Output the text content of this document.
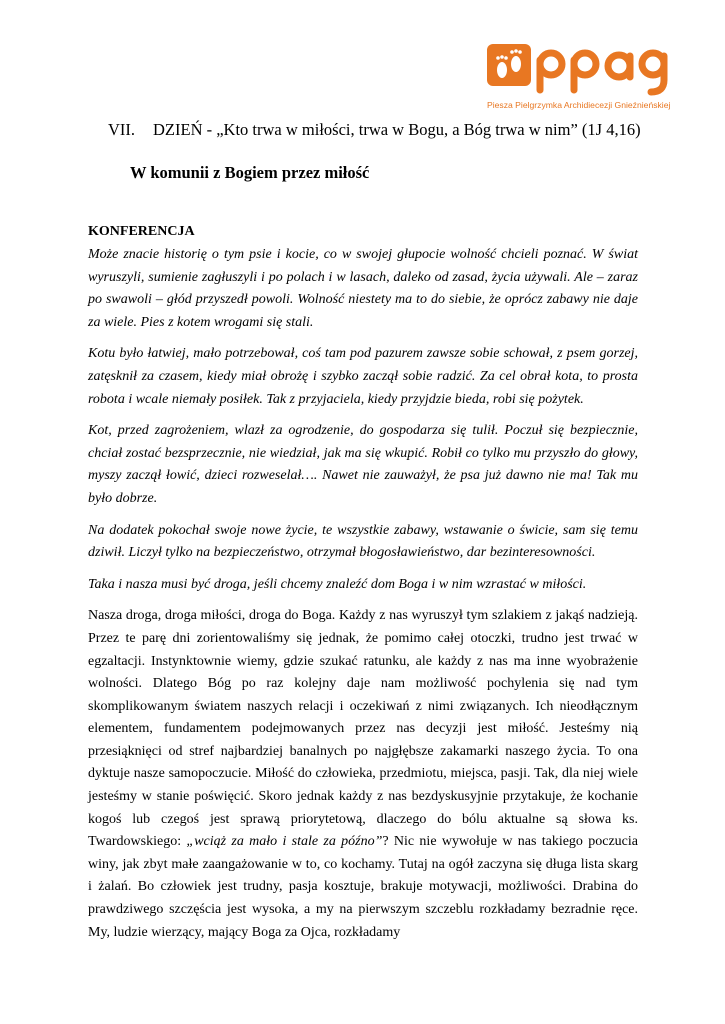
Piesza Pielgrzymka Archidiecezji Gnieźnieńskiej
VII. DZIEŃ - „Kto trwa w miłości, trwa w Bogu, a Bóg trwa w nim” (1J 4,16)
W komunii z Bogiem przez miłość
KONFERENCJA

Może znacie historię o tym psie i kocie, co w swojej głupocie wolność chcieli poznać. W świat wyruszyli, sumienie zagłuszyli i po polach i w lasach, daleko od zasad, życia używali. Ale – zaraz po swawoli – głód przyszedł powoli. Wolność niestety ma to do siebie, że oprócz zabawy nie daje za wiele. Pies z kotem wrogami się stali.

Kotu było łatwiej, mało potrzebował, coś tam pod pazurem zawsze sobie schował, z psem gorzej, zatęsknił za czasem, kiedy miał obrożę i szybko zaczął sobie radzić. Za cel obrał kota, to prosta robota i wcale niemały posiłek. Tak z przyjaciela, kiedy przyjdzie bieda, robi się pożytek.

Kot, przed zagrożeniem, wlazł za ogrodzenie, do gospodarza się tulił. Poczuł się bezpiecznie, chciał zostać bezsprzecznie, nie wiedział, jak ma się wkupić. Robił co tylko mu przyszło do głowy, myszy zaczął łowić, dzieci rozweselał…. Nawet nie zauważył, że psa już dawno nie ma! Tak mu było dobrze.

Na dodatek pokochał swoje nowe życie, te wszystkie zabawy, wstawanie o świcie, sam się temu dziwił. Liczył tylko na bezpieczeństwo, otrzymał błogosławieństwo, dar bezinteresowności.

Taka i nasza musi być droga, jeśli chcemy znaleźć dom Boga i w nim wzrastać w miłości.

Nasza droga, droga miłości, droga do Boga. Każdy z nas wyruszył tym szlakiem z jakąś nadzieją. Przez te parę dni zorientowaliśmy się jednak, że pomimo całej otoczki, trudno jest trwać w egzaltacji. Instynktownie wiemy, gdzie szukać ratunku, ale każdy z nas ma inne wyobrażenie wolności. Dlatego Bóg po raz kolejny daje nam możliwość pochylenia się nad tym skomplikowanym światem naszych relacji i oczekiwań z nimi związanych. Ich nieodłącznym elementem, fundamentem podejmowanych przez nas decyzji jest miłość. Jesteśmy nią przesiąknięci od stref najbardziej banalnych po najgłębsze zakamarki naszego życia. To ona dyktuje nasze samopoczucie. Miłość do człowieka, przedmiotu, miejsca, pasji. Tak, dla niej wiele jesteśmy w stanie poświęcić. Skoro jednak każdy z nas bezdyskusyjnie przytakuje, że kochanie kogoś lub czegoś jest sprawą priorytetową, dlaczego do bólu aktualne są słowa ks. Twardowskiego: „wciąż za mało i stale za późno”? Nic nie wywołuje w nas takiego poczucia winy, jak zbyt małe zaangażowanie w to, co kochamy. Tutaj na ogół zaczyna się długa lista skarg i żalań. Bo człowiek jest trudny, pasja kosztuje, brakuje motywacji, możliwości. Drabina do prawdziwego szczęścia jest wysoka, a my na pierwszym szczeblu rozkładamy bezradnie ręce. My, ludzie wierzący, mający Boga za Ojca, rozkładamy
